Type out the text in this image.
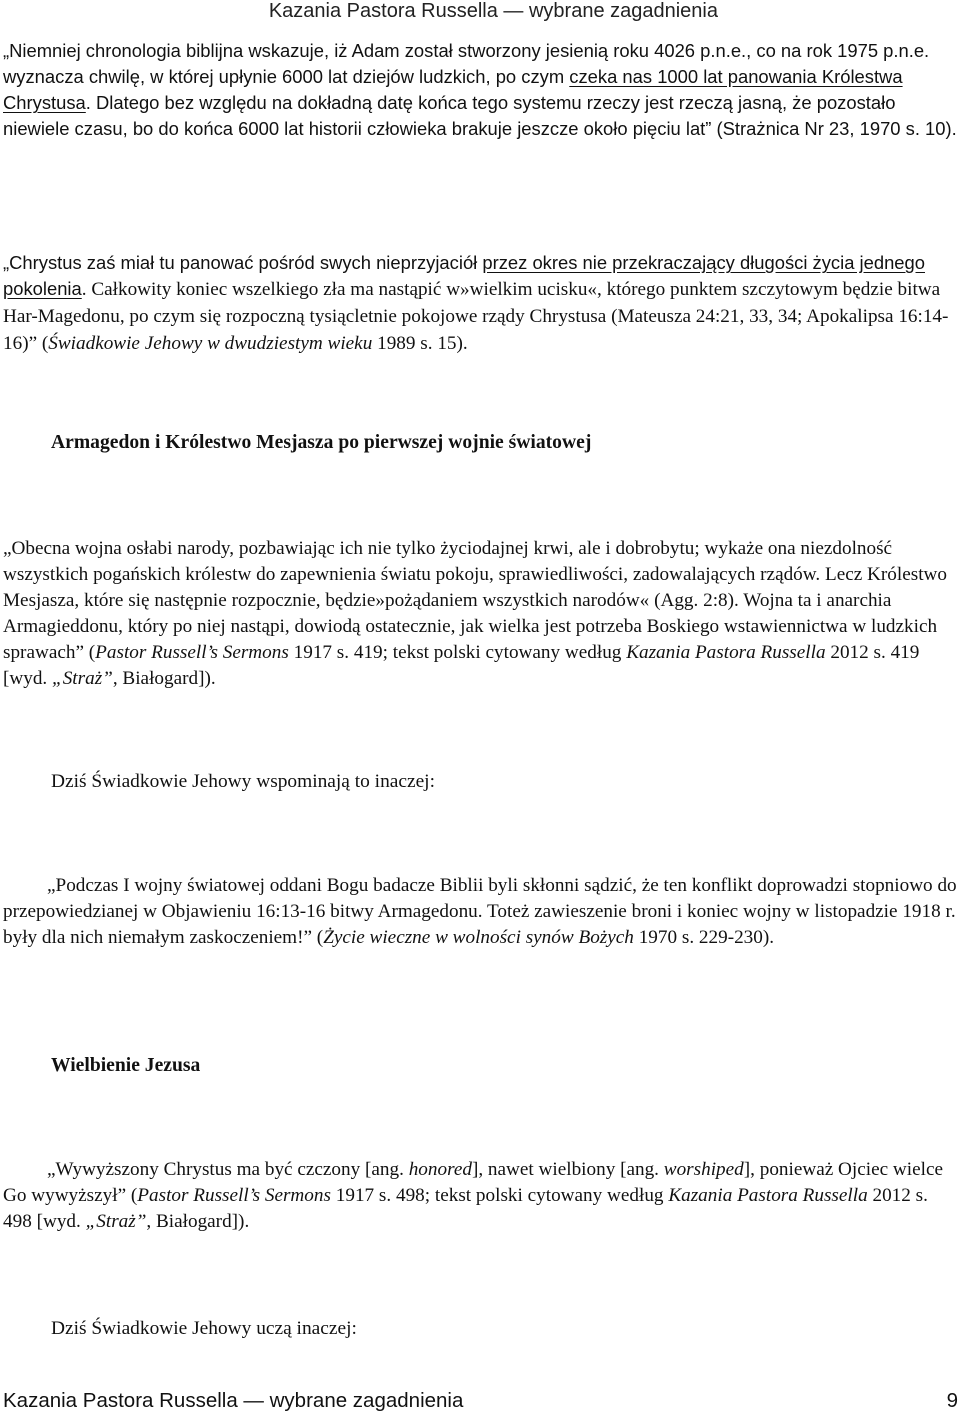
Kazania Pastora Russella — wybrane zagadnienia
„Niemniej chronologia biblijna wskazuje, iż Adam został stworzony jesienią roku 4026 p.n.e., co na rok 1975 p.n.e. wyznacza chwilę, w której upłynie 6000 lat dziejów ludzkich, po czym czeka nas 1000 lat panowania Królestwa Chrystusa. Dlatego bez względu na dokładną datę końca tego systemu rzeczy jest rzeczą jasną, że pozostało niewiele czasu, bo do końca 6000 lat historii człowieka brakuje jeszcze około pięciu lat” (Strażnica Nr 23, 1970 s. 10).
„Chrystus zaś miał tu panować pośród swych nieprzyjaciół przez okres nie przekraczający długości życia jednego pokolenia. Całkowity koniec wszelkiego zła ma nastąpić w»wielkim ucisku«, którego punktem szczytowym będzie bitwa Har-Magedonu, po czym się rozpoczną tysiącletnie pokojowe rządy Chrystusa (Mateusza 24:21, 33, 34; Apokalipsa 16:14-16)” (Świadkowie Jehowy w dwudziestym wieku 1989 s. 15).
Armagedon i Królestwo Mesjasza po pierwszej wojnie światowej
„Obecna wojna osłabi narody, pozbawiając ich nie tylko życiodajnej krwi, ale i dobrobytu; wykaże ona niezdolność wszystkich pogańskich królestw do zapewnienia światu pokoju, sprawiedliwości, zadowalających rządów. Lecz Królestwo Mesjasza, które się następnie rozpocznie, będzie»pożądaniem wszystkich narodów« (Agg. 2:8). Wojna ta i anarchia Armagieddonu, który po niej nastąpi, dowiodą ostatecznie, jak wielka jest potrzeba Boskiego wstawiennictwa w ludzkich sprawach” (Pastor Russell’s Sermons 1917 s. 419; tekst polski cytowany według Kazania Pastora Russella 2012 s. 419 [wyd. „Straż”, Białogard]).
Dziś Świadkowie Jehowy wspominają to inaczej:
„Podczas I wojny światowej oddani Bogu badacze Biblii byli skłonni sądzić, że ten konflikt doprowadzi stopniowo do przepowiedzianej w Objawieniu 16:13-16 bitwy Armagedonu. Toteż zawieszenie broni i koniec wojny w listopadzie 1918 r. były dla nich niemałym zaskoczeniem!” (Życie wieczne w wolności synów Bożych 1970 s. 229-230).
Wielbienie Jezusa
„Wywyższony Chrystus ma być czczony [ang. honored], nawet wielbiony [ang. worshiped], ponieważ Ojciec wielce Go wywyższył” (Pastor Russell’s Sermons 1917 s. 498; tekst polski cytowany według Kazania Pastora Russella 2012 s. 498 [wyd. „Straż”, Białogard]).
Dziś Świadkowie Jehowy uczą inaczej:
Kazania Pastora Russella — wybrane zagadnienia	9
